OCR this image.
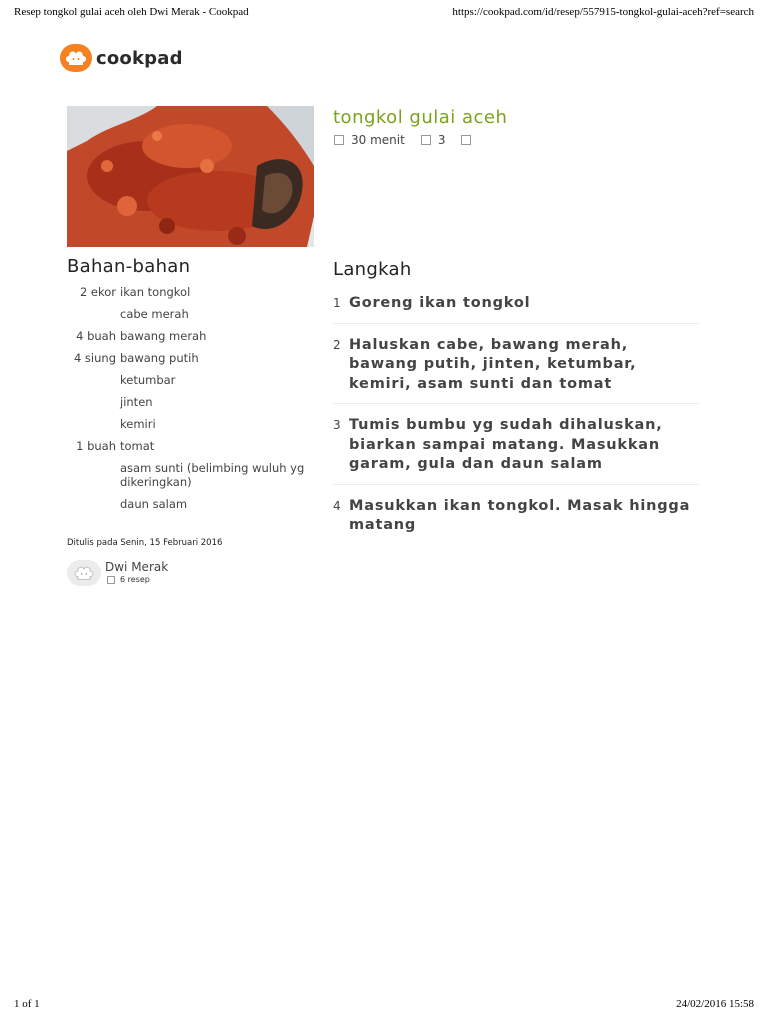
Resep tongkol gulai aceh oleh Dwi Merak - Cookpad	https://cookpad.com/id/resep/557915-tongkol-gulai-aceh?ref=search
cookpad
tongkol gulai aceh
30 menit	3
Bahan-bahan
2 ekor ikan tongkol
cabe merah
4 buah bawang merah
4 siung bawang putih
ketumbar
jinten
kemiri
1 buah tomat
asam sunti (belimbing wuluh yg dikeringkan)
daun salam
Ditulis pada Senin, 15 Februari 2016
Dwi Merak
6 resep
Langkah
1 Goreng ikan tongkol
2 Haluskan cabe, bawang merah, bawang putih, jinten, ketumbar, kemiri, asam sunti dan tomat
3 Tumis bumbu yg sudah dihaluskan, biarkan sampai matang. Masukkan garam, gula dan daun salam
4 Masukkan ikan tongkol. Masak hingga matang
1 of 1	24/02/2016 15:58
